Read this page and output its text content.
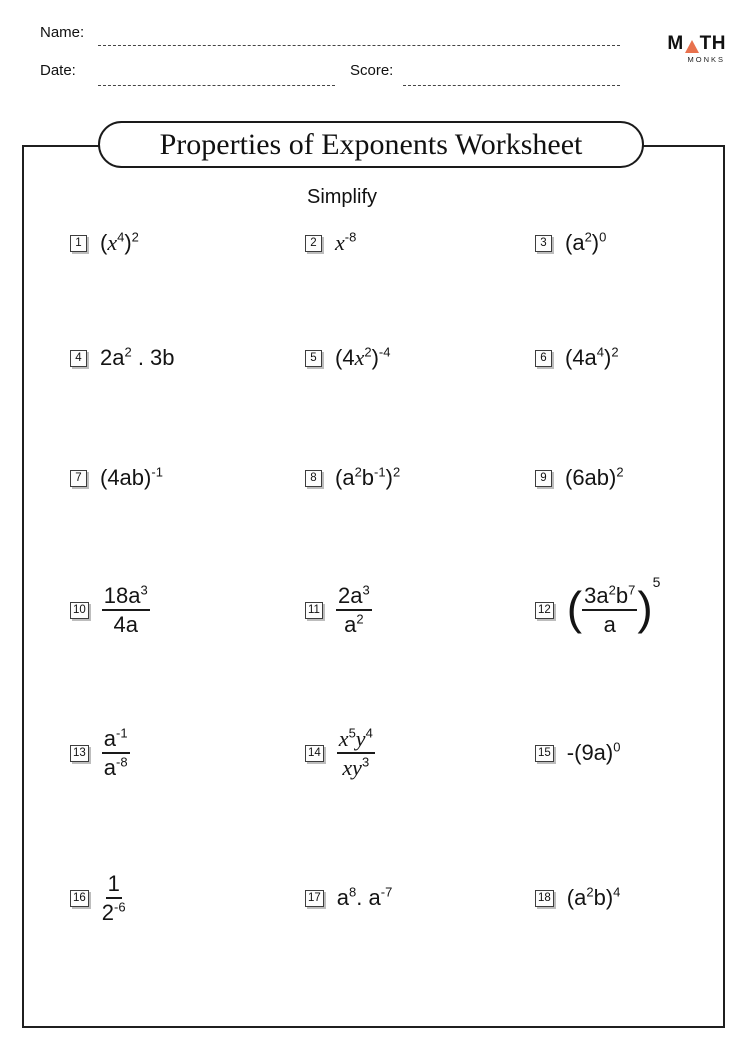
Name:
Date:	Score:
M TH
MONKS
Properties of Exponents Worksheet
Simplify
1 $(x^4)^2$	2 $x^{-8}$	3 $(a^2)^0$
4 $2a^2$ . 3b	5 $(4x^2)^{-4}$	6 $(4a^4)^2$
7 $(4ab)^{-1}$	8 $(a^2b^{-1})^2$	9 $(6ab)^2$
$10 \frac{18a^3}{4a}$	$11 \frac{2a^3}{a^2}$	12 ( $\frac{3a^2b^7}{a} )^5$
$13 \frac{a^{-1}}{a^{-8}}$	$14 \frac{x^5y^4}{xy^3}$	15 $-(9a)^0$
$16 \frac{1}{2^{-6}}$	17 $a^8$. $a^{-7}$	18 $(a^2b)^4$
